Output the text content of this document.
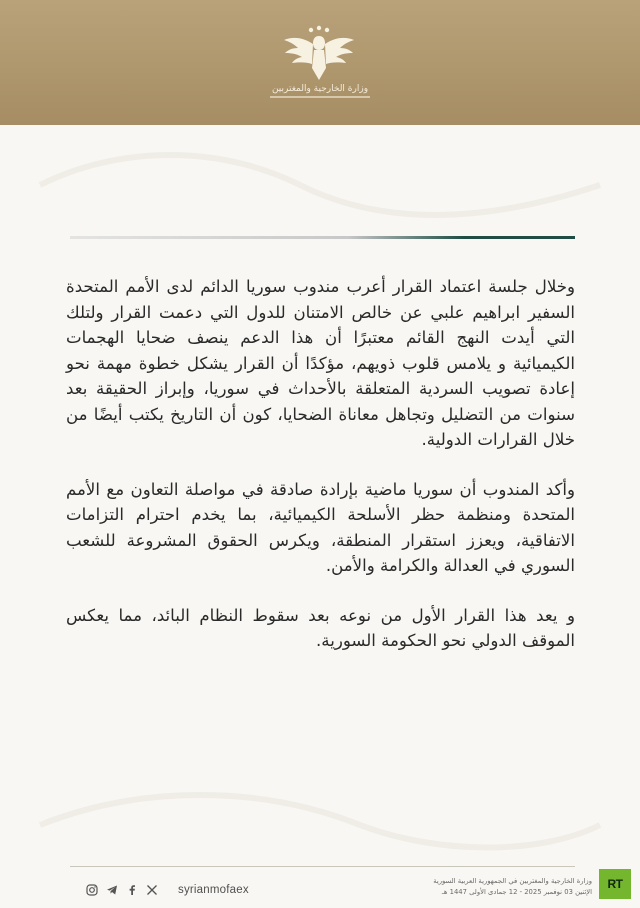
وزارة الخارجية والمغتربين

وخلال جلسة اعتماد القرار أعرب مندوب سوريا الدائم لدى الأمم المتحدة السفير ابراهيم علبي عن خالص الامتنان للدول التي دعمت القرار ولتلك التي أيدت النهج القائم معتبرًا أن هذا الدعم ينصف ضحايا الهجمات الكيميائية و يلامس قلوب ذويهم، مؤكدًا أن القرار يشكل خطوة مهمة نحو إعادة تصويب السردية المتعلقة بالأحداث في سوريا، وإبراز الحقيقة بعد سنوات من التضليل وتجاهل معاناة الضحايا، كون أن التاريخ يكتب أيضًا من خلال القرارات الدولية.

وأكد المندوب أن سوريا ماضية بإرادة صادقة في مواصلة التعاون مع الأمم المتحدة ومنظمة حظر الأسلحة الكيميائية، بما يخدم احترام التزامات الاتفاقية، ويعزز استقرار المنطقة، ويكرس الحقوق المشروعة للشعب السوري في العدالة والكرامة والأمن.

و يعد هذا القرار الأول من نوعه بعد سقوط النظام البائد، مما يعكس الموقف الدولي نحو الحكومة السورية.

syrianmofaex
وزارة الخارجية والمغتربين في الجمهورية العربية السورية
الإثنين 03 نوفمبر 2025 - 12 جمادى الأولى 1447 هـ
RT
